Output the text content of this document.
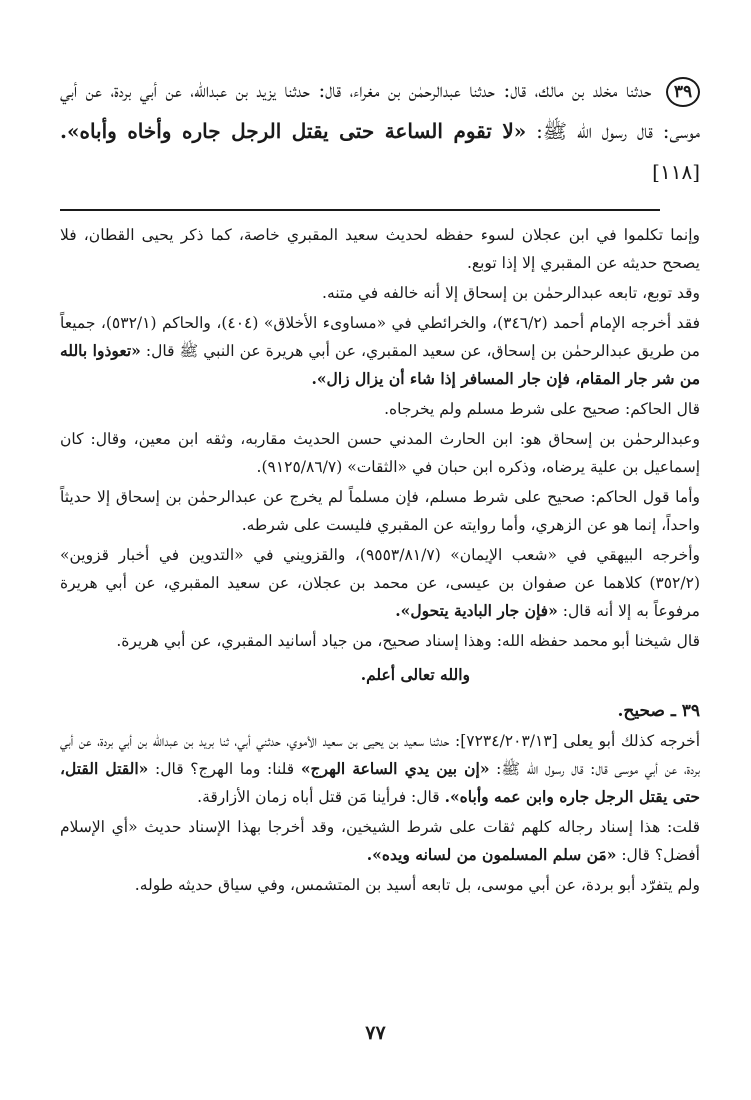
٣٩ حدثنا مخلد بن مالك، قال: حدثنا عبدالرحمٰن بن مغراء، قال: حدثنا يزيد بن عبدالله، عن أبي بردة، عن أبي موسى: قال رسول الله ﷺ: «لا تقوم الساعة حتى يقتل الرجل جاره وأخاه وأباه». [١١٨]

وإنما تكلموا في ابن عجلان لسوء حفظه لحديث سعيد المقبري خاصة، كما ذكر يحيى القطان، فلا يصحح حديثه عن المقبري إلا إذا توبع.

وقد توبع، تابعه عبدالرحمٰن بن إسحاق إلا أنه خالفه في متنه.

فقد أخرجه الإمام أحمد (٣٤٦/٢)، والخرائطي في «مساوىء الأخلاق» (٤٠٤)، والحاكم (٥٣٢/١)، جميعاً من طريق عبدالرحمٰن بن إسحاق، عن سعيد المقبري، عن أبي هريرة عن النبي ﷺ قال: «تعوذوا بالله من شر جار المقام، فإن جار المسافر إذا شاء أن يزال زال».

قال الحاكم: صحيح على شرط مسلم ولم يخرجاه.

وعبدالرحمٰن بن إسحاق هو: ابن الحارث المدني حسن الحديث مقاربه، وثقه ابن معين، وقال: كان إسماعيل بن علية يرضاه، وذكره ابن حبان في «الثقات» (٩١٢٥/٨٦/٧).

وأما قول الحاكم: صحيح على شرط مسلم، فإن مسلماً لم يخرج عن عبدالرحمٰن بن إسحاق إلا حديثاً واحداً، إنما هو عن الزهري، وأما روايته عن المقبري فليست على شرطه.

وأخرجه البيهقي في «شعب الإيمان» (٩٥٥٣/٨١/٧)، والقزويني في «التدوين في أخبار قزوين» (٣٥٢/٢) كلاهما عن صفوان بن عيسى، عن محمد بن عجلان، عن سعيد المقبري، عن أبي هريرة مرفوعاً به إلا أنه قال: «فإن جار البادية يتحول».

قال شيخنا أبو محمد حفظه الله: وهذا إسناد صحيح، من جياد أسانيد المقبري، عن أبي هريرة.

والله تعالى أعلم.
٣٩ ـ صحيح.

أخرجه كذلك أبو يعلى [٧٢٣٤/٢٠٣/١٣]: حدثنا سعيد بن يحيى بن سعيد الأموي، حدثني أبي، ثنا بريد بن عبدالله بن أبي بردة، عن أبي بردة، عن أبي موسى قال: قال رسول الله ﷺ: «إن بين يدي الساعة الهرج» قلنا: وما الهرج؟ قال: «القتل القتل، حتى يقتل الرجل جاره وابن عمه وأباه». قال: فرأينا مَن قتل أباه زمان الأزارقة.

قلت: هذا إسناد رجاله كلهم ثقات على شرط الشيخين، وقد أخرجا بهذا الإسناد حديث «أي الإسلام أفضل؟ قال: «مَن سلم المسلمون من لسانه ويده».

ولم يتفرّد أبو بردة، عن أبي موسى، بل تابعه أسيد بن المتشمس، وفي سياق حديثه طوله.

٧٧
